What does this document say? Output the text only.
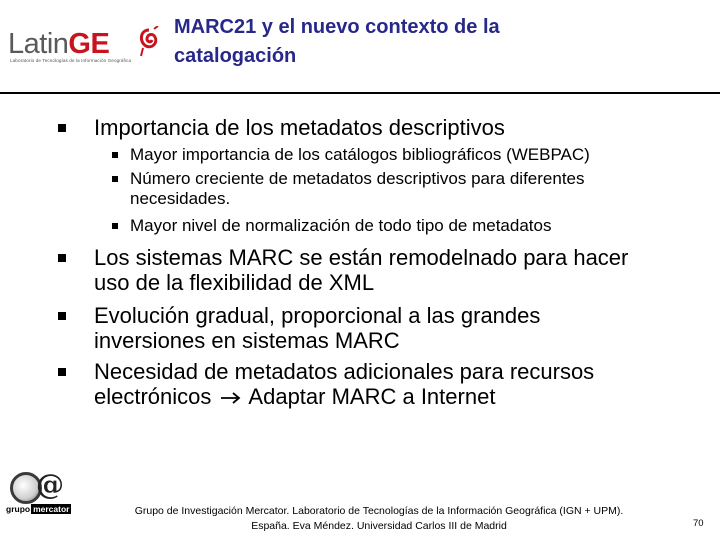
LatinGE
Laboratorio de Tecnologías de la Información Geográfica
MARC21 y el nuevo contexto de la
catalogación
Importancia de los metadatos descriptivos
Mayor importancia de los catálogos bibliográficos (WEBPAC)
Número creciente de metadatos descriptivos para diferentes
necesidades.
Mayor nivel de normalización de todo tipo de metadatos
Los sistemas MARC se están remodelnado para hacer
uso de la flexibilidad de XML
Evolución gradual, proporcional a las grandes
inversiones en sistemas MARC
Necesidad de metadatos adicionales para recursos
electrónicos Adaptar MARC a Internet
@
grupo mercator	Grupo de Investigación Mercator. Laboratorio de Tecnologías de la Información Geográfica (IGN + UPM).
España. Eva Méndez. Universidad Carlos III de Madrid	70
